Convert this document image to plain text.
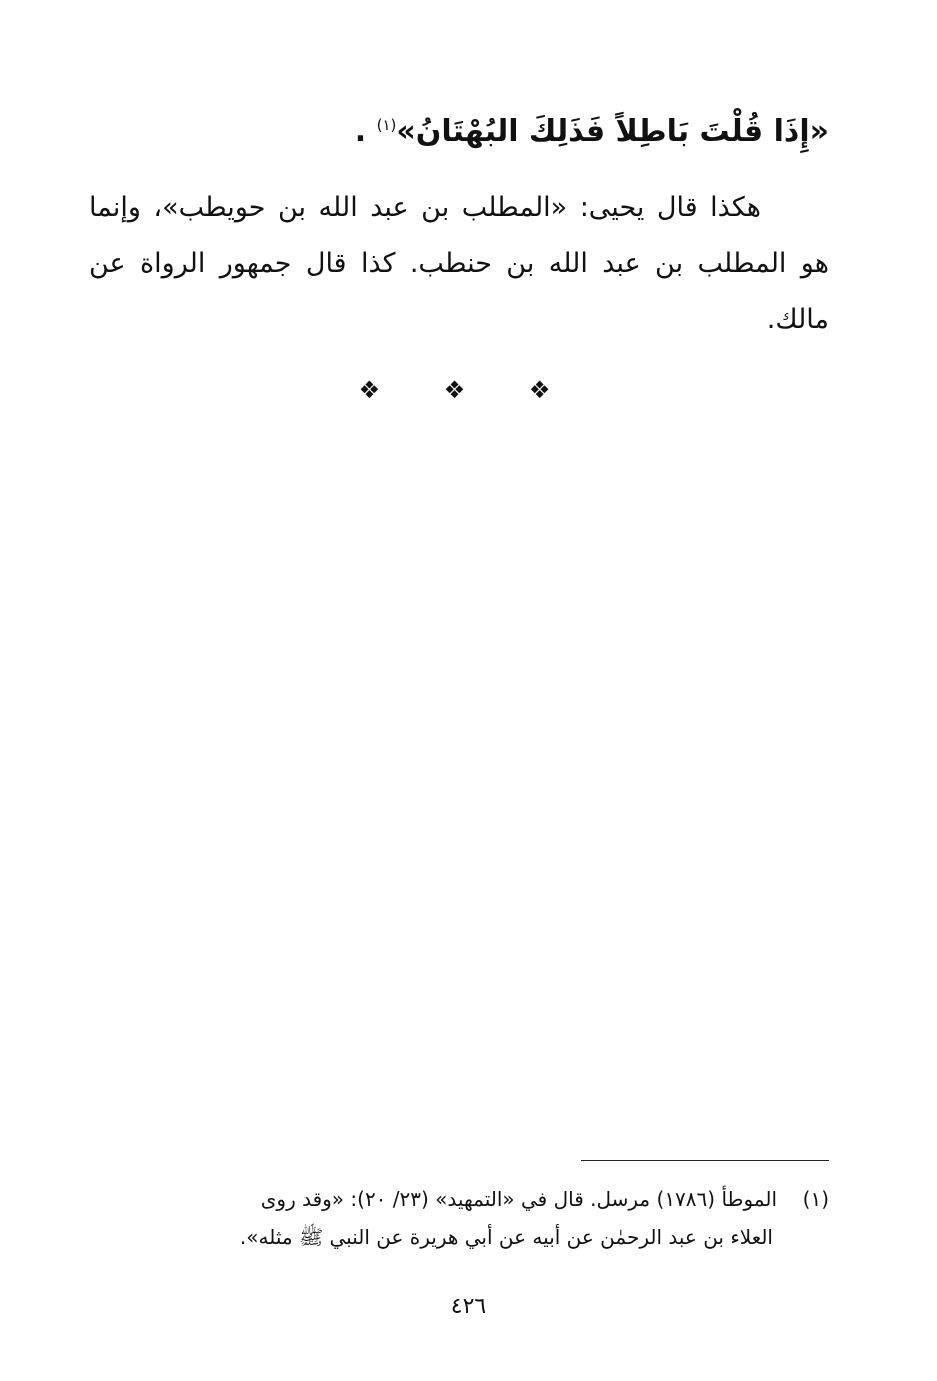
«إِذَا قُلْتَ بَاطِلاً فَذَلِكَ البُهْتَانُ»$^{(١)}$ .
هكذا قال يحيى: «المطلب بن عبد الله بن حويطب»، وإنما هو المطلب بن عبد الله بن حنطب. كذا قال جمهور الرواة عن مالك.
❖ ❖ ❖
(١)الموطأ (١٧٨٦) مرسل. قال في «التمهيد» (٢٣/ ٢٠): «وقد روى
العلاء بن عبد الرحمٰن عن أبيه عن أبي هريرة عن النبي ﷺ مثله».
٤٢٦
